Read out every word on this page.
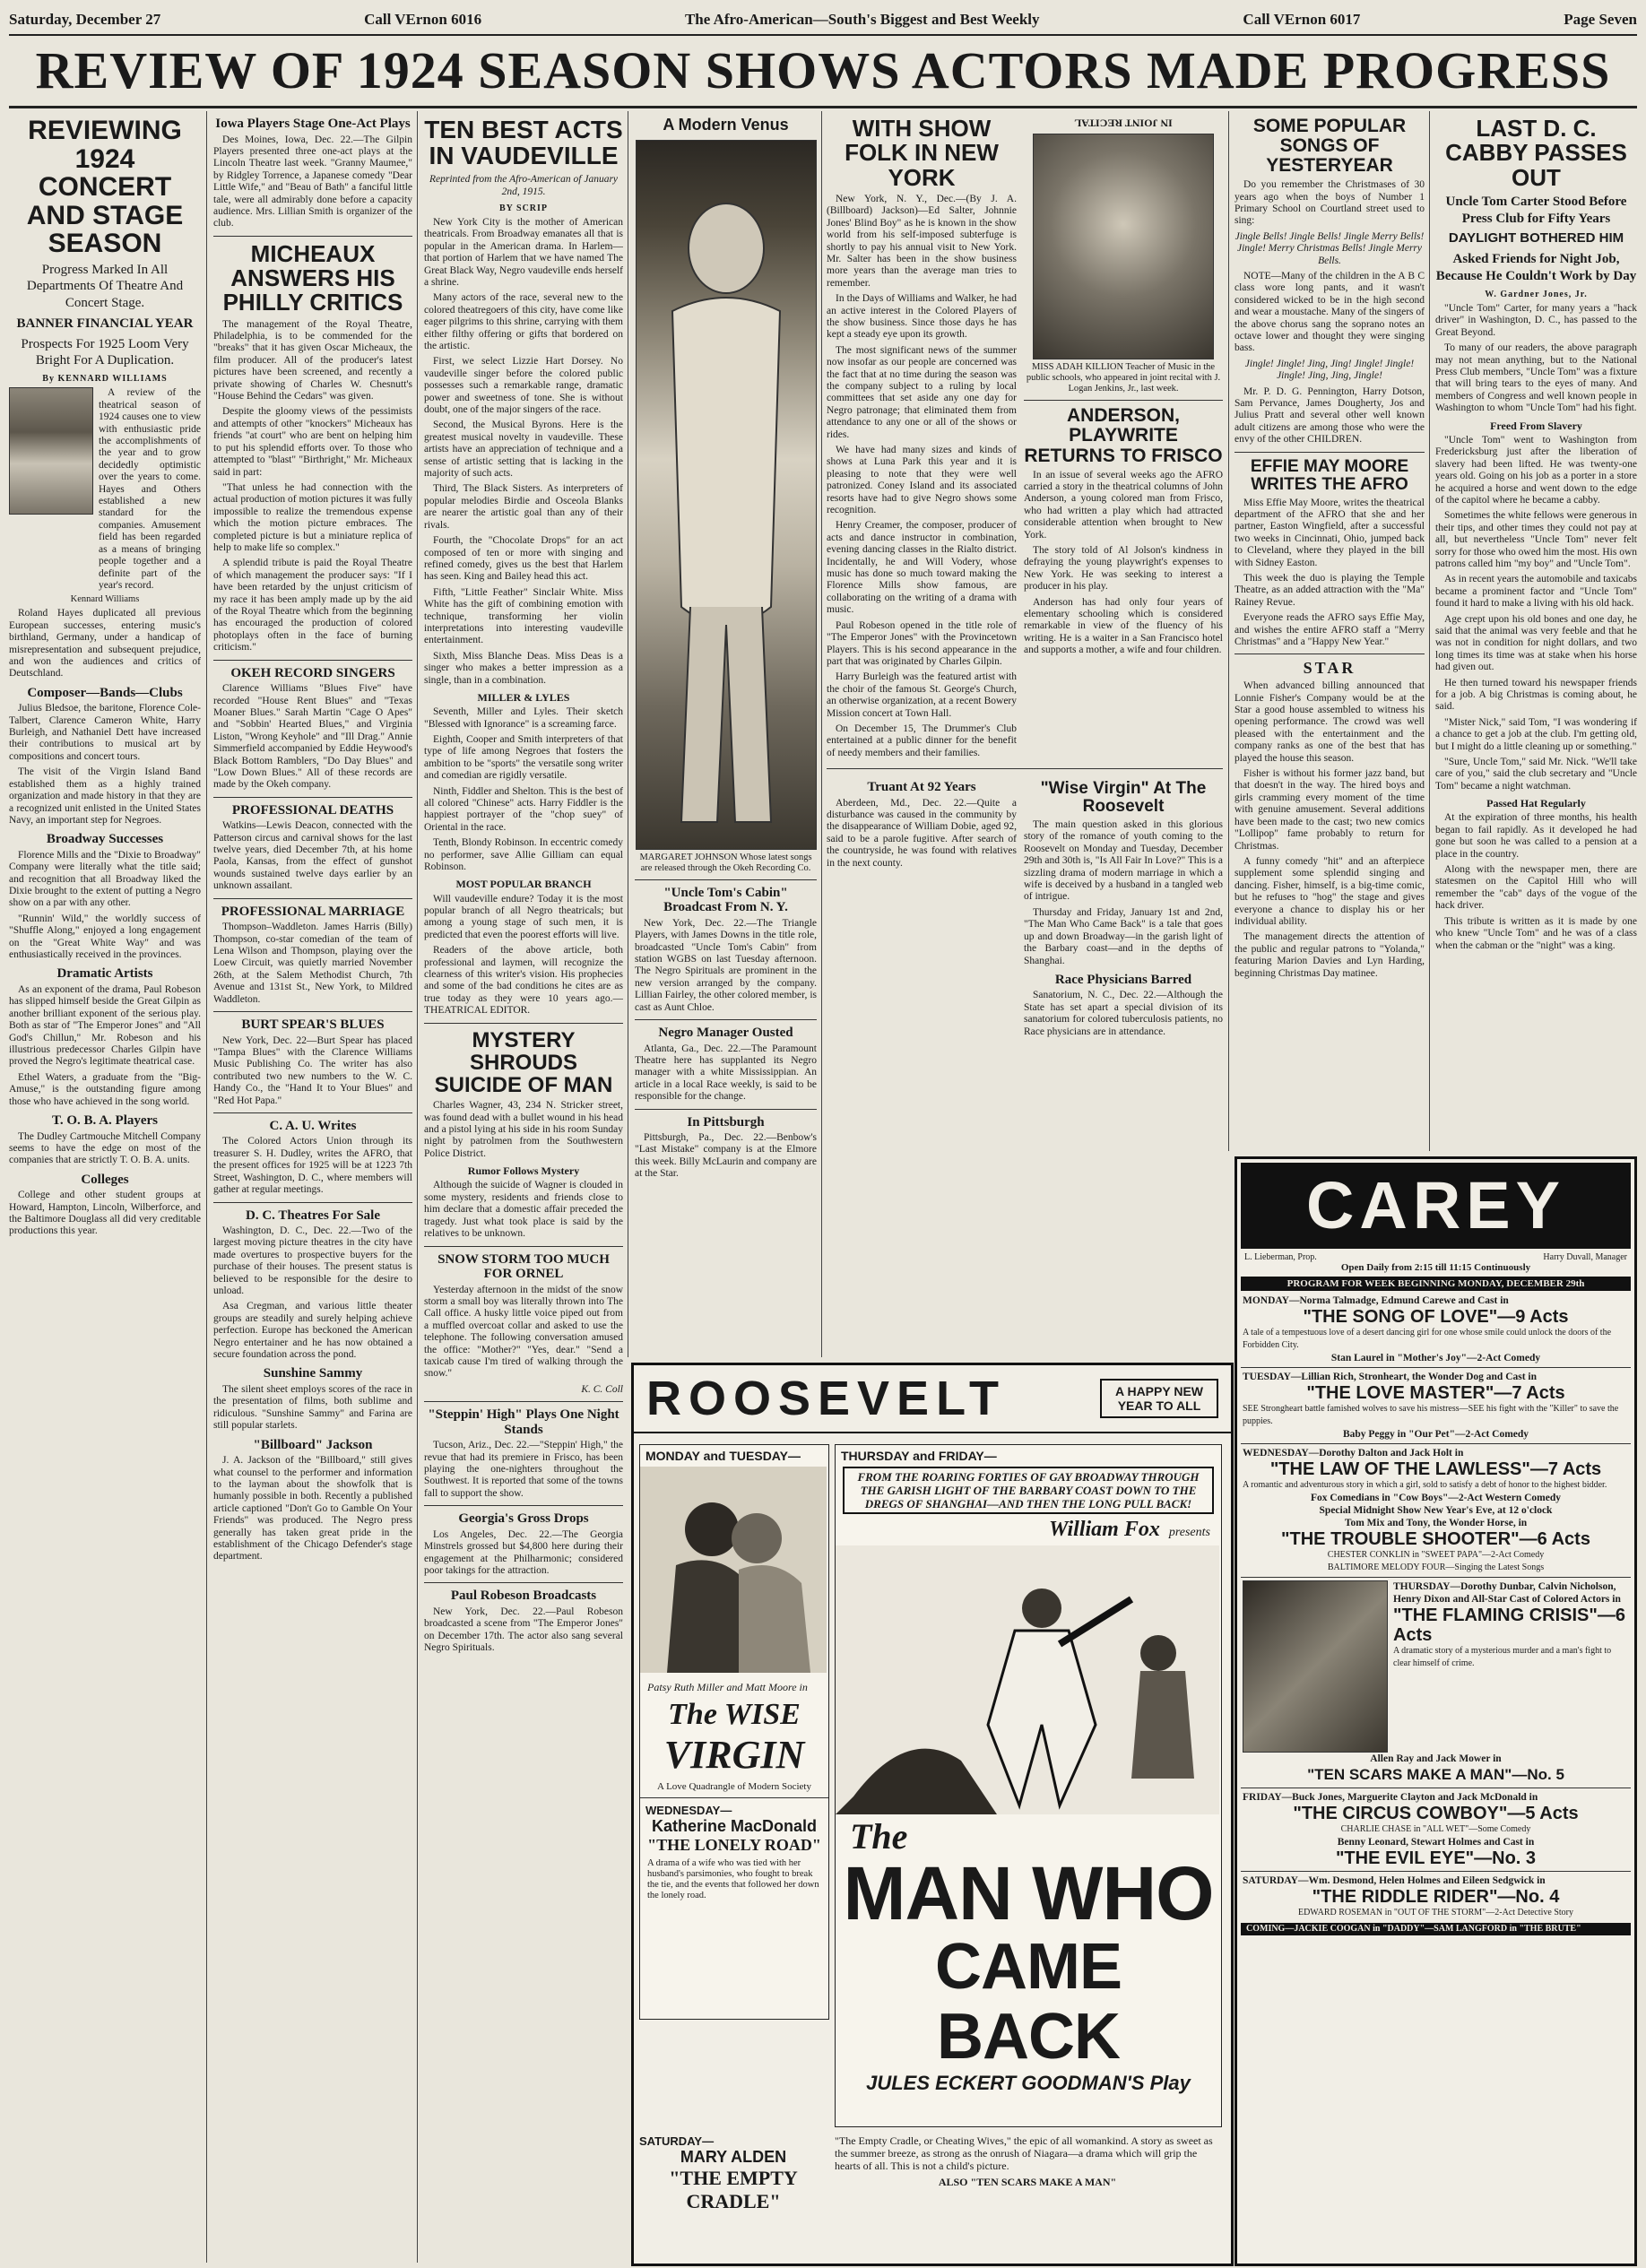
Saturday, December 27	Call VErnon 6016	The Afro-American—South's Biggest and Best Weekly	Call VErnon 6017	Page Seven
REVIEW OF 1924 SEASON SHOWS ACTORS MADE PROGRESS
REVIEWING 1924 CONCERT AND STAGE SEASON
Progress Marked In All Departments Of Theatre And Concert Stage.
BANNER FINANCIAL YEAR
Prospects For 1925 Loom Very Bright For A Duplication.
By KENNARD WILLIAMS

A review of the theatrical season of 1924 causes one to view with enthusiastic pride the accomplishments of the year and to grow decidedly optimistic over the years to come. Hayes and Others established a new standard for the companies. Amusement field has been regarded as a means of bringing people together and a definite part of the year's record.

Kennard Williams

Roland Hayes duplicated all previous European successes, entering music's birthland, Germany, under a handicap of misrepresentation and subsequent prejudice, and won the audiences and critics of Deutschland.

Composer—Bands—Clubs

Julius Bledsoe, the baritone, Florence Cole-Talbert, Clarence Cameron White, Harry Burleigh, and Nathaniel Dett have increased their contributions to musical art by compositions and concert tours.

The visit of the Virgin Island Band established them as a highly trained organization and made history in that they are a recognized unit enlisted in the United States Navy, an important step for Negroes.

Broadway Successes

Florence Mills and the "Dixie to Broadway" Company were literally what the title said; and recognition that all Broadway liked the Dixie brought to the extent of putting a Negro show on a par with any other.

"Runnin' Wild," the worldly success of "Shuffle Along," enjoyed a long engagement on the "Great White Way" and was enthusiastically received in the provinces.

Dramatic Artists

As an exponent of the drama, Paul Robeson has slipped himself beside the Great Gilpin as another brilliant exponent of the serious play. Both as star of "The Emperor Jones" and "All God's Chillun," Mr. Robeson and his illustrious predecessor Charles Gilpin have proved the Negro's legitimate theatrical case.

Ethel Waters, a graduate from the "Big-Amuse," is the outstanding figure among those who have achieved in the song world.

T. O. B. A. Players

The Dudley Cartmouche Mitchell Company seems to have the edge on most of the companies that are strictly T. O. B. A. units.

Colleges

College and other student groups at Howard, Hampton, Lincoln, Wilberforce, and the Baltimore Douglass all did very creditable productions this year.

Iowa Players Stage One-Act Plays

Des Moines, Iowa, Dec. 22.—The Gilpin Players presented three one-act plays at the Lincoln Theatre last week. "Granny Maumee," by Ridgley Torrence, a Japanese comedy "Dear Little Wife," and "Beau of Bath" a fanciful little tale, were all admirably done before a capacity audience. Mrs. Lillian Smith is organizer of the club.

MICHEAUX ANSWERS HIS PHILLY CRITICS

The management of the Royal Theatre, Philadelphia, is to be commended for the "breaks" that it has given Oscar Micheaux, the film producer. All of the producer's latest pictures have been screened, and recently a private showing of Charles W. Chesnutt's "House Behind the Cedars" was given.

Despite the gloomy views of the pessimists and attempts of other "knockers" Micheaux has friends "at court" who are bent on helping him to put his splendid efforts over. To those who attempted to "blast" "Birthright," Mr. Micheaux said in part:

"That unless he had connection with the actual production of motion pictures it was fully impossible to realize the tremendous expense which the motion picture embraces. The completed picture is but a miniature replica of help to make life so complex."

A splendid tribute is paid the Royal Theatre of which management the producer says: "If I have been retarded by the unjust criticism of my race it has been amply made up by the aid of the Royal Theatre which from the beginning has encouraged the production of colored photoplays often in the face of burning criticism."

OKEH RECORD SINGERS

Clarence Williams "Blues Five" have recorded "House Rent Blues" and "Texas Moaner Blues." Sarah Martin "Cage O Apes" and "Sobbin' Hearted Blues," and Virginia Liston, "Wrong Keyhole" and "Ill Drag." Annie Simmerfield accompanied by Eddie Heywood's Black Bottom Ramblers, "Do Day Blues" and "Low Down Blues." All of these records are made by the Okeh company.

PROFESSIONAL DEATHS

Watkins—Lewis Deacon, connected with the Patterson circus and carnival shows for the last twelve years, died December 7th, at his home Paola, Kansas, from the effect of gunshot wounds sustained twelve days earlier by an unknown assailant.

PROFESSIONAL MARRIAGE

Thompson–Waddleton. James Harris (Billy) Thompson, co-star comedian of the team of Lena Wilson and Thompson, playing over the Loew Circuit, was quietly married November 26th, at the Salem Methodist Church, 7th Avenue and 131st St., New York, to Mildred Waddleton.

BURT SPEAR'S BLUES

New York, Dec. 22—Burt Spear has placed "Tampa Blues" with the Clarence Williams Music Publishing Co. The writer has also contributed two new numbers to the W. C. Handy Co., the "Hand It to Your Blues" and "Red Hot Papa."

C. A. U. Writes

The Colored Actors Union through its treasurer S. H. Dudley, writes the AFRO, that the present offices for 1925 will be at 1223 7th Street, Washington, D. C., where members will gather at regular meetings.

D. C. Theatres For Sale

Washington, D. C., Dec. 22.—Two of the largest moving picture theatres in the city have made overtures to prospective buyers for the purchase of their houses. The present status is believed to be responsible for the desire to unload.

Asa Cregman, and various little theater groups are steadily and surely helping achieve perfection. Europe has beckoned the American Negro entertainer and he has now obtained a secure foundation across the pond.

Sunshine Sammy

The silent sheet employs scores of the race in the presentation of films, both sublime and ridiculous. "Sunshine Sammy" and Farina are still popular starlets.

"Billboard" Jackson

J. A. Jackson of the "Billboard," still gives what counsel to the performer and information to the layman about the showfolk that is humanly possible in both. Recently a published article captioned "Don't Go to Gamble On Your Friends" was produced. The Negro press generally has taken great pride in the establishment of the Chicago Defender's stage department.

TEN BEST ACTS IN VAUDEVILLE
Reprinted from the Afro-American of January 2nd, 1915.
BY SCRIP

New York City is the mother of American theatricals. From Broadway emanates all that is popular in the American drama. In Harlem—that portion of Harlem that we have named The Great Black Way, Negro vaudeville ends herself a shrine.

Many actors of the race, several new to the colored theatregoers of this city, have come like eager pilgrims to this shrine, carrying with them either filthy offering or gifts that bordered on the artistic.

First, we select Lizzie Hart Dorsey. No vaudeville singer before the colored public possesses such a remarkable range, dramatic power and sweetness of tone. She is without doubt, one of the major singers of the race.

Second, the Musical Byrons. Here is the greatest musical novelty in vaudeville. These artists have an appreciation of technique and a sense of artistic setting that is lacking in the majority of such acts.

Third, The Black Sisters. As interpreters of popular melodies Birdie and Osceola Blanks are nearer the artistic goal than any of their rivals.

Fourth, the "Chocolate Drops" for an act composed of ten or more with singing and refined comedy, gives us the best that Harlem has seen. King and Bailey head this act.

Fifth, "Little Feather" Sinclair White. Miss White has the gift of combining emotion with technique, transforming her violin interpretations into interesting vaudeville entertainment.

Sixth, Miss Blanche Deas. Miss Deas is a singer who makes a better impression as a single, than in a combination.

MILLER & LYLES

Seventh, Miller and Lyles. Their sketch "Blessed with Ignorance" is a screaming farce.

Eighth, Cooper and Smith interpreters of that type of life among Negroes that fosters the ambition to be "sports" the versatile song writer and comedian are rigidly versatile.

Ninth, Fiddler and Shelton. This is the best of all colored "Chinese" acts. Harry Fiddler is the happiest portrayer of the "chop suey" of Oriental in the race.

Tenth, Blondy Robinson. In eccentric comedy no performer, save Allie Gilliam can equal Robinson.

MOST POPULAR BRANCH

Will vaudeville endure? Today it is the most popular branch of all Negro theatricals; but among a young stage of such men, it is predicted that even the poorest efforts will live.

Readers of the above article, both professional and laymen, will recognize the clearness of this writer's vision. His prophecies and some of the bad conditions he cites are as true today as they were 10 years ago.—THEATRICAL EDITOR.

MYSTERY SHROUDS SUICIDE OF MAN

Charles Wagner, 43, 234 N. Stricker street, was found dead with a bullet wound in his head and a pistol lying at his side in his room Sunday night by patrolmen from the Southwestern Police District.

Rumor Follows Mystery

Although the suicide of Wagner is clouded in some mystery, residents and friends close to him declare that a domestic affair preceded the tragedy. Just what took place is said by the relatives to be unknown.

SNOW STORM TOO MUCH FOR ORNEL

Yesterday afternoon in the midst of the snow storm a small boy was literally thrown into The Call office. A husky little voice piped out from a muffled overcoat collar and asked to use the telephone. The following conversation amused the office: "Mother?" "Yes, dear." "Send a taxicab cause I'm tired of walking through the snow."

K. C. Coll
"Steppin' High" Plays One Night Stands

Tucson, Ariz., Dec. 22.—"Steppin' High," the revue that had its premiere in Frisco, has been playing the one-nighters throughout the Southwest. It is reported that some of the towns fall to support the show.

Georgia's Gross Drops

Los Angeles, Dec. 22.—The Georgia Minstrels grossed but $4,800 here during their engagement at the Philharmonic; considered poor takings for the attraction.

Paul Robeson Broadcasts

New York, Dec. 22.—Paul Robeson broadcasted a scene from "The Emperor Jones" on December 17th. The actor also sang several Negro Spirituals.

A Modern Venus
MARGARET JOHNSON Whose latest songs are released through the Okeh Recording Co.
"Uncle Tom's Cabin" Broadcast From N. Y.

New York, Dec. 22.—The Triangle Players, with James Downs in the title role, broadcasted "Uncle Tom's Cabin" from station WGBS on last Tuesday afternoon. The Negro Spirituals are prominent in the new version arranged by the company. Lillian Fairley, the other colored member, is cast as Aunt Chloe.

Negro Manager Ousted

Atlanta, Ga., Dec. 22.—The Paramount Theatre here has supplanted its Negro manager with a white Mississippian. An article in a local Race weekly, is said to be responsible for the change.

In Pittsburgh

Pittsburgh, Pa., Dec. 22.—Benbow's "Last Mistake" company is at the Elmore this week. Billy McLaurin and company are at the Star.

WITH SHOW FOLK IN NEW YORK

New York, N. Y., Dec.—(By J. A. (Billboard) Jackson)—Ed Salter, Johnnie Jones' Blind Boy" as he is known in the show world from his self-imposed subterfuge is shortly to pay his annual visit to New York. Mr. Salter has been in the show business more years than the average man tries to remember.

In the Days of Williams and Walker, he had an active interest in the Colored Players of the show business. Since those days he has kept a steady eye upon its growth.

The most significant news of the summer now insofar as our people are concerned was the fact that at no time during the season was the company subject to a ruling by local committees that set aside any one day for Negro patronage; that eliminated them from attendance to any one or all of the shows or rides.

We have had many sizes and kinds of shows at Luna Park this year and it is pleasing to note that they were well patronized. Coney Island and its associated resorts have had to give Negro shows some recognition.

Henry Creamer, the composer, producer of acts and dance instructor in combination, evening dancing classes in the Rialto district. Incidentally, he and Will Vodery, whose music has done so much toward making the Florence Mills show famous, are collaborating on the writing of a drama with music.

Paul Robeson opened in the title role of "The Emperor Jones" with the Provincetown Players. This is his second appearance in the part that was originated by Charles Gilpin.

Harry Burleigh was the featured artist with the choir of the famous St. George's Church, an otherwise organization, at a recent Bowery Mission concert at Town Hall.

On December 15, The Drummer's Club entertained at a public dinner for the benefit of needy members and their families.

IN JOINT RECITAL
MISS ADAH KILLION Teacher of Music in the public schools, who appeared in joint recital with J. Logan Jenkins, Jr., last week.
ANDERSON, PLAYWRITE RETURNS TO FRISCO

In an issue of several weeks ago the AFRO carried a story in the theatrical columns of John Anderson, a young colored man from Frisco, who had written a play which had attracted considerable attention when brought to New York.

The story told of Al Jolson's kindness in defraying the young playwright's expenses to New York. He was seeking to interest a producer in his play.

Anderson has had only four years of elementary schooling which is considered remarkable in view of the fluency of his writing. He is a waiter in a San Francisco hotel and supports a mother, a wife and four children.

Truant At 92 Years

Aberdeen, Md., Dec. 22.—Quite a disturbance was caused in the community by the disappearance of William Dobie, aged 92, said to be a parole fugitive. After search of the countryside, he was found with relatives in the next county.

"Wise Virgin" At The Roosevelt

The main question asked in this glorious story of the romance of youth coming to the Roosevelt on Monday and Tuesday, December 29th and 30th is, "Is All Fair In Love?" This is a sizzling drama of modern marriage in which a wife is deceived by a husband in a tangled web of intrigue.

Thursday and Friday, January 1st and 2nd, "The Man Who Came Back" is a tale that goes up and down Broadway—in the garish light of the Barbary coast—and in the depths of Shanghai.

Race Physicians Barred

Sanatorium, N. C., Dec. 22.—Although the State has set apart a special division of its sanatorium for colored tuberculosis patients, no Race physicians are in attendance.

SOME POPULAR SONGS OF YESTERYEAR

Do you remember the Christmases of 30 years ago when the boys of Number 1 Primary School on Courtland street used to sing:

Jingle Bells! Jingle Bells! Jingle Merry Bells! Jingle! Merry Christmas Bells! Jingle Merry Bells.

NOTE—Many of the children in the A B C class wore long pants, and it wasn't considered wicked to be in the high second and wear a moustache. Many of the singers of the above chorus sang the soprano notes an octave lower and thought they were singing bass.

Jingle! Jingle! Jing, Jing! Jingle! Jingle! Jingle! Jing, Jing, Jingle!

Mr. P. D. G. Pennington, Harry Dotson, Sam Pervance, James Dougherty, Jos and Julius Pratt and several other well known adult citizens are among those who were the envy of the other CHILDREN.

EFFIE MAY MOORE WRITES THE AFRO

Miss Effie May Moore, writes the theatrical department of the AFRO that she and her partner, Easton Wingfield, after a successful two weeks in Cincinnati, Ohio, jumped back to Cleveland, where they played in the bill with Sidney Easton.

This week the duo is playing the Temple Theatre, as an added attraction with the "Ma" Rainey Revue.

Everyone reads the AFRO says Effie May, and wishes the entire AFRO staff a "Merry Christmas" and a "Happy New Year."

STAR

When advanced billing announced that Lonnie Fisher's Company would be at the Star a good house assembled to witness his opening performance. The crowd was well pleased with the entertainment and the company ranks as one of the best that has played the house this season.

Fisher is without his former jazz band, but that doesn't in the way. The hired boys and girls cramming every moment of the time with genuine amusement. Several additions have been made to the cast; two new comics "Lollipop" fame probably to return for Christmas.

A funny comedy "hit" and an afterpiece supplement some splendid singing and dancing. Fisher, himself, is a big-time comic, but he refuses to "hog" the stage and gives everyone a chance to display his or her individual ability.

The management directs the attention of the public and regular patrons to "Yolanda," featuring Marion Davies and Lyn Harding, beginning Christmas Day matinee.

LAST D. C. CABBY PASSES OUT
Uncle Tom Carter Stood Before Press Club for Fifty Years
DAYLIGHT BOTHERED HIM
Asked Friends for Night Job, Because He Couldn't Work by Day
W. Gardner Jones, Jr.

"Uncle Tom" Carter, for many years a "hack driver" in Washington, D. C., has passed to the Great Beyond.

To many of our readers, the above paragraph may not mean anything, but to the National Press Club members, "Uncle Tom" was a fixture that will bring tears to the eyes of many. And members of Congress and well known people in Washington to whom "Uncle Tom" had his fight.

Freed From Slavery

"Uncle Tom" went to Washington from Fredericksburg just after the liberation of slavery had been lifted. He was twenty-one years old. Going on his job as a porter in a store he acquired a horse and went down to the edge of the capitol where he became a cabby.

Sometimes the white fellows were generous in their tips, and other times they could not pay at all, but nevertheless "Uncle Tom" never felt sorry for those who owed him the most. His own patrons called him "my boy" and "Uncle Tom".

As in recent years the automobile and taxicabs became a prominent factor and "Uncle Tom" found it hard to make a living with his old hack.

Age crept upon his old bones and one day, he said that the animal was very feeble and that he was not in condition for night dollars, and two long times its time was at stake when his horse had given out.

He then turned toward his newspaper friends for a job. A big Christmas is coming about, he said.

"Mister Nick," said Tom, "I was wondering if a chance to get a job at the club. I'm getting old, but I might do a little cleaning up or something."

"Sure, Uncle Tom," said Mr. Nick. "We'll take care of you," said the club secretary and "Uncle Tom" became a night watchman.

Passed Hat Regularly

At the expiration of three months, his health began to fail rapidly. As it developed he had gone but soon he was called to a pension at a place in the country.

Along with the newspaper men, there are statesmen on the Capitol Hill who will remember the "cab" days of the vogue of the hack driver.

This tribute is written as it is made by one who knew "Uncle Tom" and he was of a class when the cabman or the "night" was a king.

CAREY
L. Lieberman, Prop.	Harry Duvall, Manager
Open Daily from 2:15 till 11:15 Continuously
PROGRAM FOR WEEK BEGINNING MONDAY, DECEMBER 29th
MONDAY—Norma Talmadge, Edmund Carewe and Cast in
"THE SONG OF LOVE"—9 Acts
A tale of a tempestuous love of a desert dancing girl for one whose smile could unlock the doors of the Forbidden City.
Stan Laurel in "Mother's Joy"—2-Act Comedy
TUESDAY—Lillian Rich, Stronheart, the Wonder Dog and Cast in
"THE LOVE MASTER"—7 Acts
SEE Strongheart battle famished wolves to save his mistress—SEE his fight with the "Killer" to save the puppies.
Baby Peggy in "Our Pet"—2-Act Comedy
WEDNESDAY—Dorothy Dalton and Jack Holt in
"THE LAW OF THE LAWLESS"—7 Acts
A romantic and adventurous story in which a girl, sold to satisfy a debt of honor to the highest bidder.
Fox Comedians in "Cow Boys"—2-Act Western Comedy
Special Midnight Show New Year's Eve, at 12 o'clock
Tom Mix and Tony, the Wonder Horse, in
"THE TROUBLE SHOOTER"—6 Acts
CHESTER CONKLIN in "SWEET PAPA"—2-Act Comedy
BALTIMORE MELODY FOUR—Singing the Latest Songs
THURSDAY—Dorothy Dunbar, Calvin Nicholson, Henry Dixon and All-Star Cast of Colored Actors in
"THE FLAMING CRISIS"—6 Acts
A dramatic story of a mysterious murder and a man's fight to clear himself of crime.
Allen Ray and Jack Mower in
"TEN SCARS MAKE A MAN"—No. 5
FRIDAY—Buck Jones, Marguerite Clayton and Jack McDonald in
"THE CIRCUS COWBOY"—5 Acts
CHARLIE CHASE in "ALL WET"—Some Comedy
Benny Leonard, Stewart Holmes and Cast in
"THE EVIL EYE"—No. 3
SATURDAY—Wm. Desmond, Helen Holmes and Eileen Sedgwick in
"THE RIDDLE RIDER"—No. 4
EDWARD ROSEMAN in "OUT OF THE STORM"—2-Act Detective Story
COMING—JACKIE COOGAN in "DADDY"—SAM LANGFORD in "THE BRUTE"
ROOSEVELT	A HAPPY NEW YEAR TO ALL
MONDAY and TUESDAY—
Patsy Ruth Miller and Matt Moore in
The WISE
VIRGIN
A Love Quadrangle of Modern Society
WEDNESDAY—
Katherine MacDonald
"THE LONELY ROAD"
A drama of a wife who was tied with her husband's parsimonies, who fought to break the tie, and the events that followed her down the lonely road.
THURSDAY and FRIDAY—
FROM THE ROARING FORTIES OF GAY BROADWAY THROUGH THE GARISH LIGHT OF THE BARBARY COAST DOWN TO THE DREGS OF SHANGHAI—AND THEN THE LONG PULL BACK!
William Fox presents
The
MAN WHO
CAME BACK
JULES ECKERT GOODMAN'S Play
SATURDAY—
MARY ALDEN
"THE EMPTY CRADLE"
"The Empty Cradle, or Cheating Wives," the epic of all womankind. A story as sweet as the summer breeze, as strong as the onrush of Niagara—a drama which will grip the hearts of all. This is not a child's picture.
ALSO "TEN SCARS MAKE A MAN"
